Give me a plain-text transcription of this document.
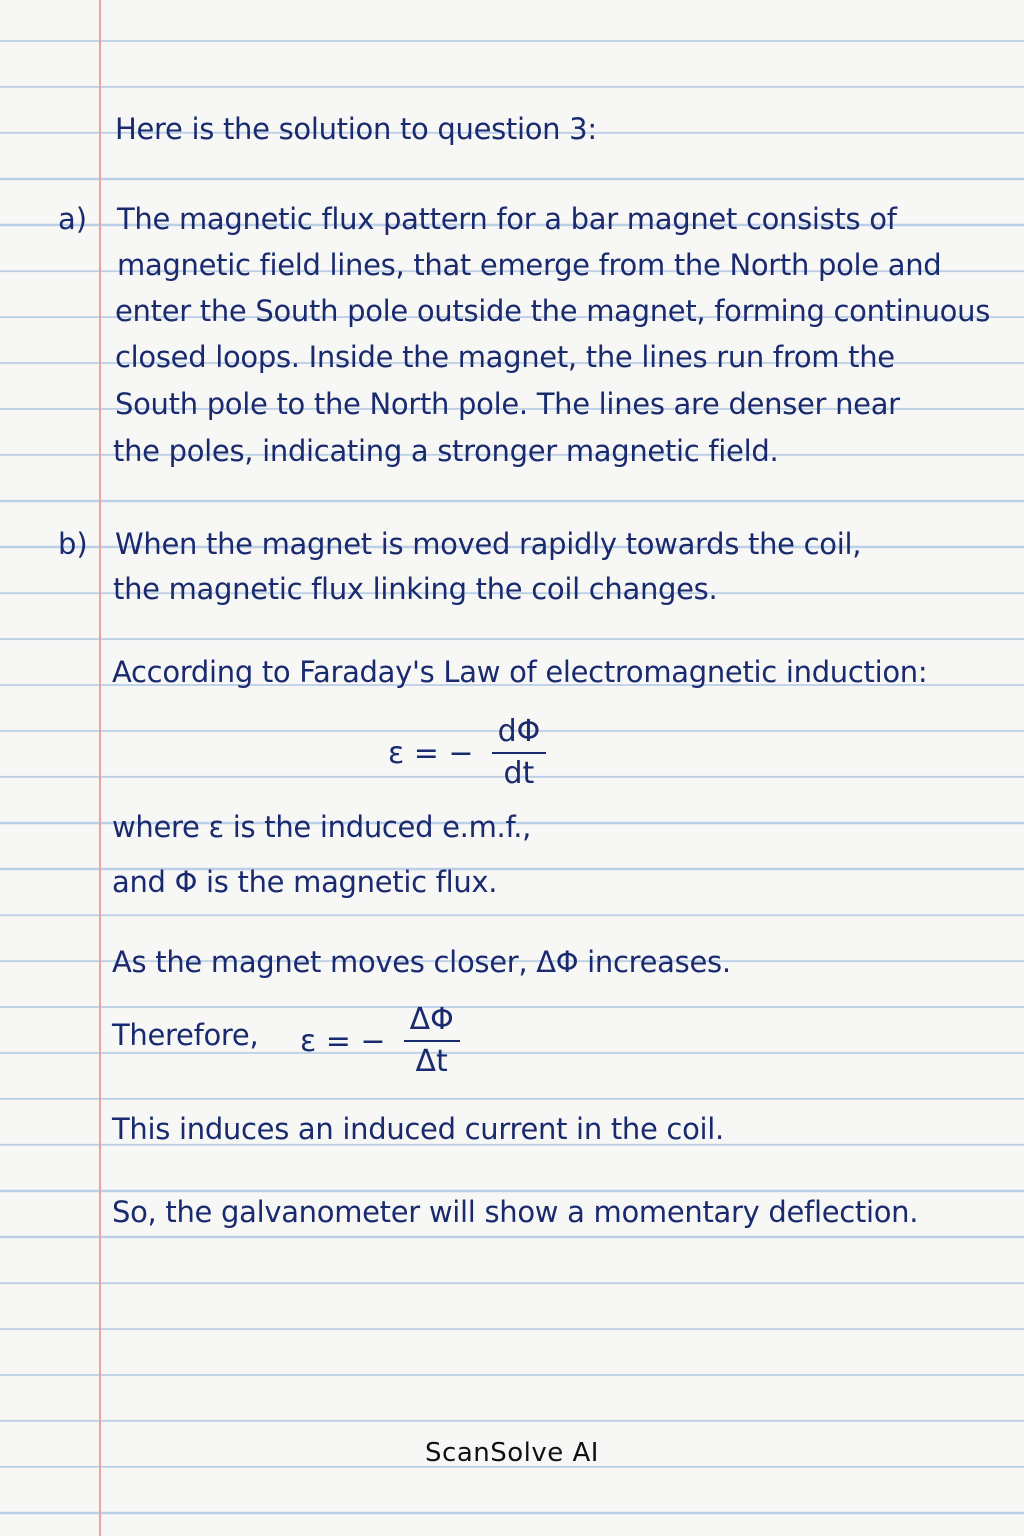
Here is the solution to question 3:
a) The magnetic flux pattern for a bar magnet consists of
magnetic field lines, that emerge from the North pole and
enter the South pole outside the magnet, forming continuous
closed loops. Inside the magnet, the lines run from the
South pole to the North pole. The lines are denser near
the poles, indicating a stronger magnetic field.
b) When the magnet is moved rapidly towards the coil,
the magnetic flux linking the coil changes.
According to Faraday's Law of electromagnetic induction:
ε = − $\frac{d\Phi}{dt}$
where ε is the induced e.m.f.,
and Φ is the magnetic flux.
As the magnet moves closer, ΔΦ increases.
Therefore, ε = − $\frac{\Delta\Phi}{\Delta t}$
This induces an induced current in the coil.
So, the galvanometer will show a momentary deflection.
ScanSolve AI
